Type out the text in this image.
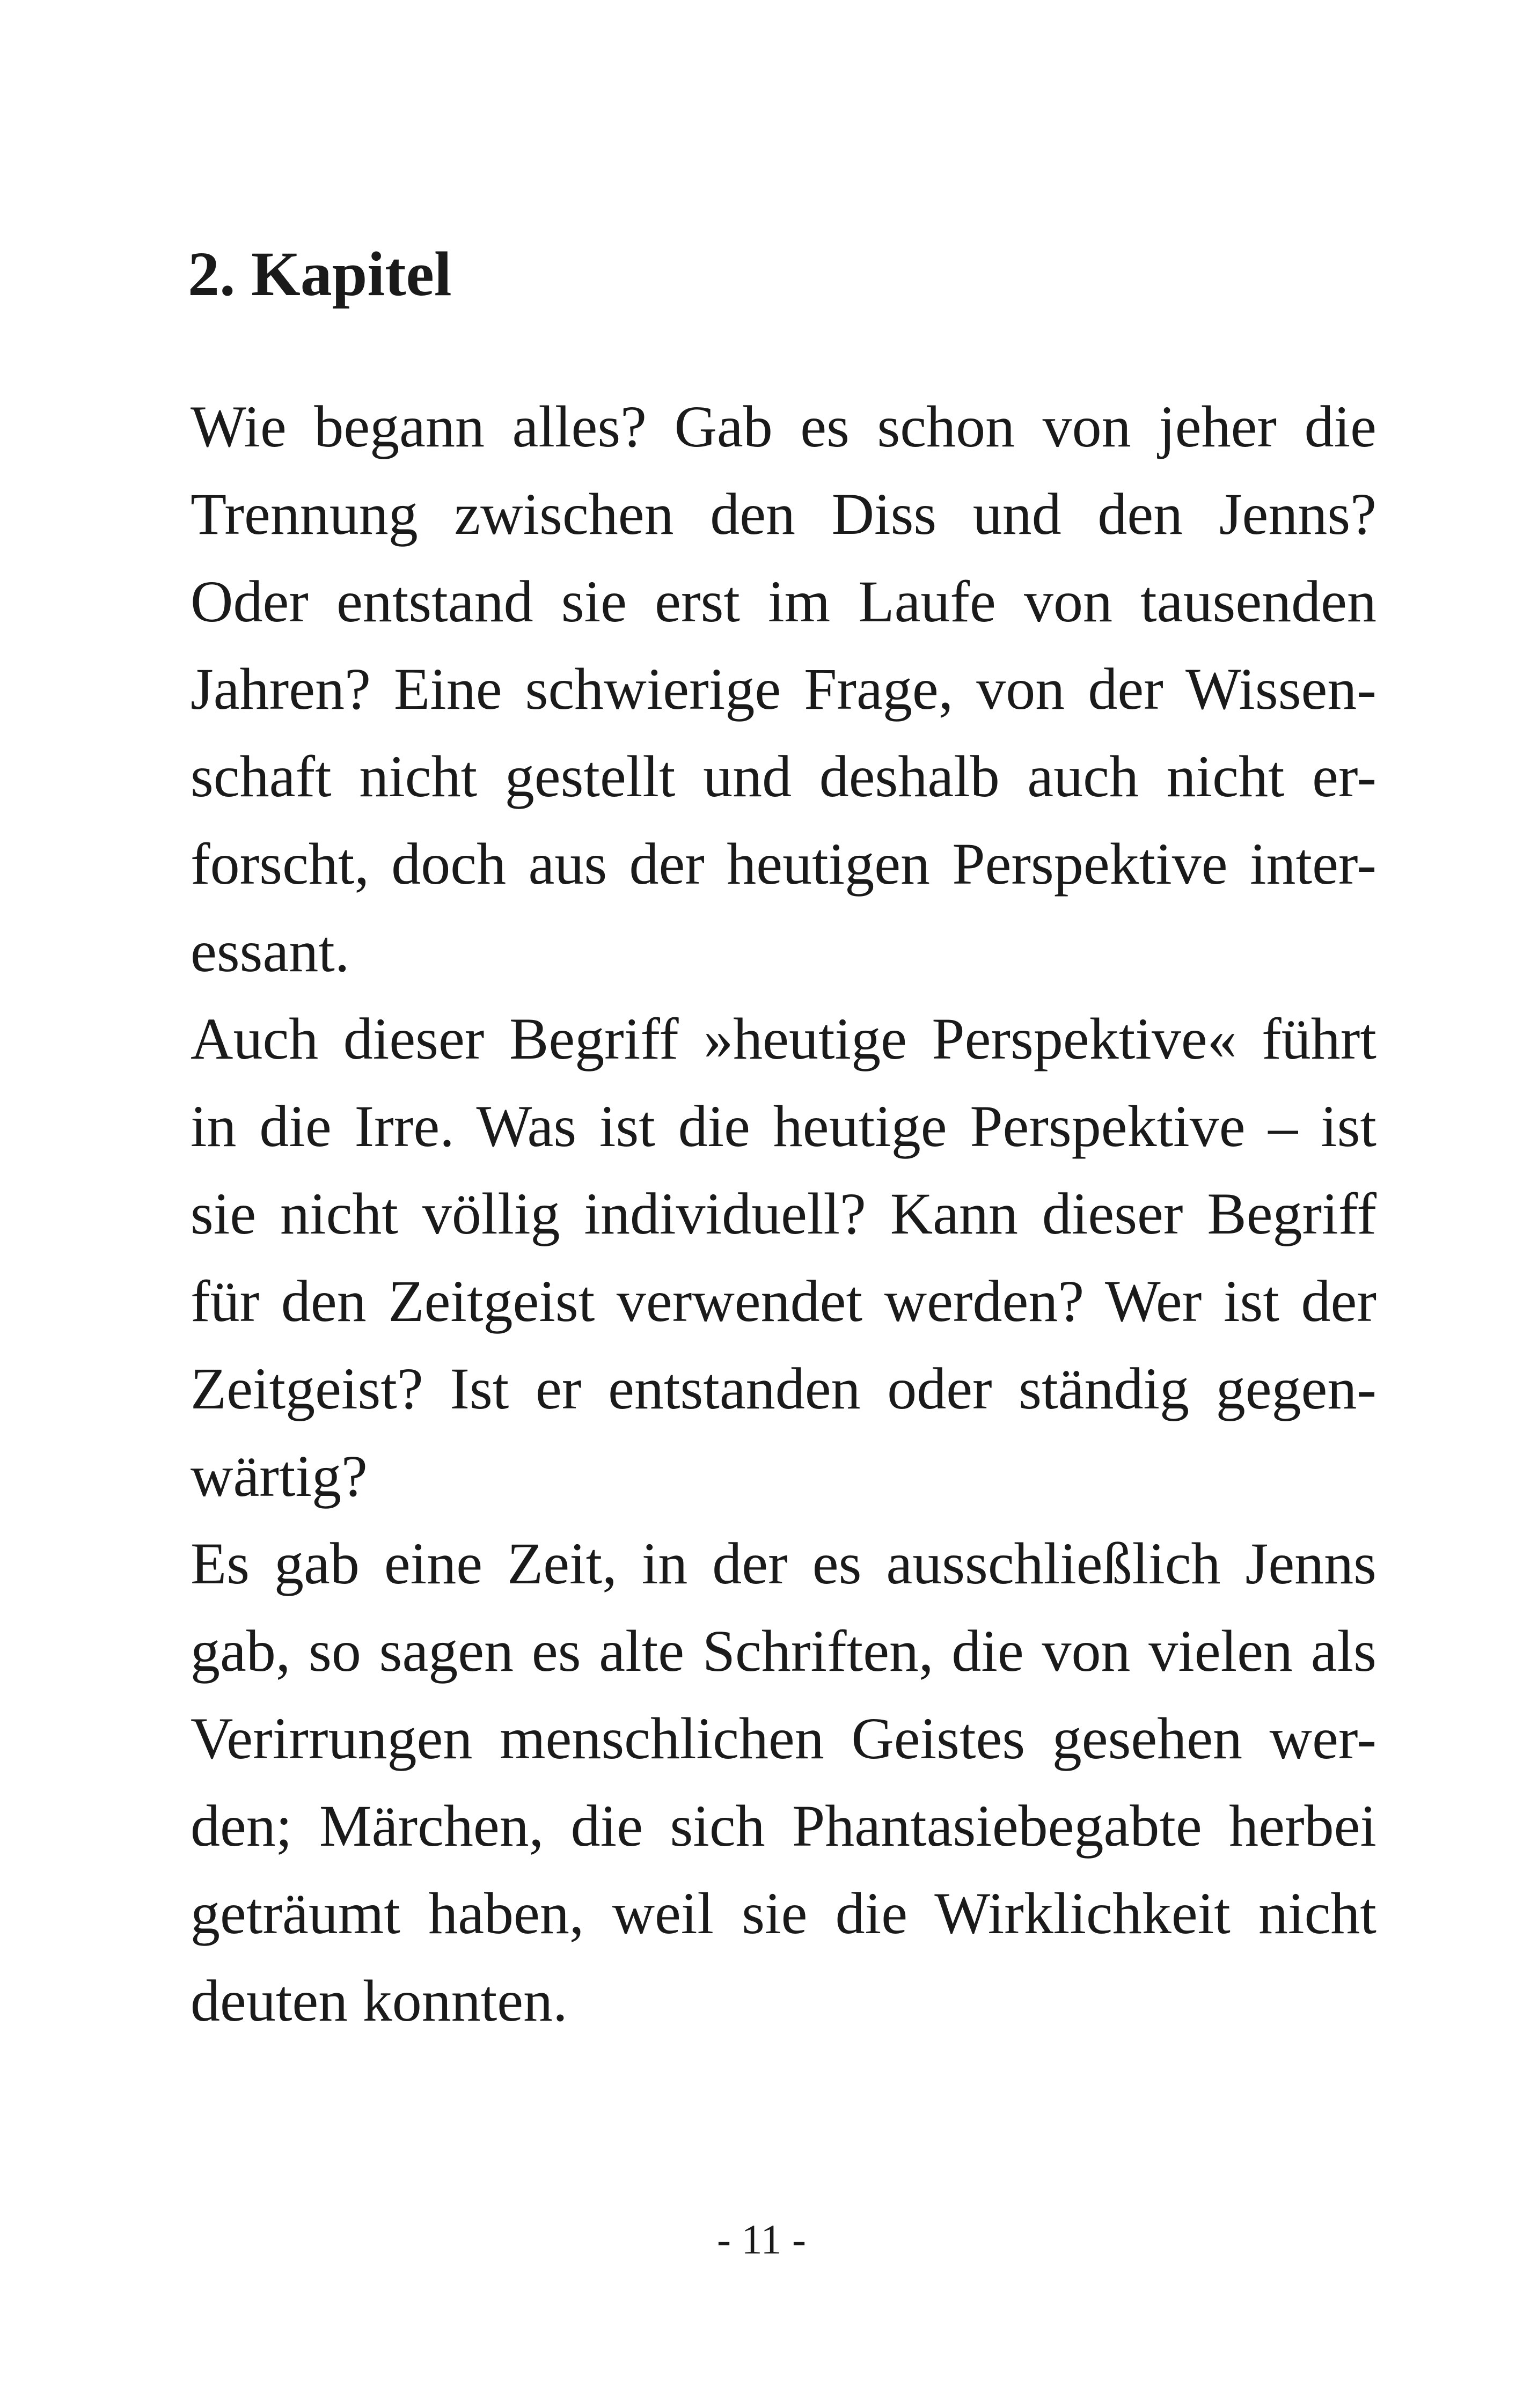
2. Kapitel

Wie begann alles? Gab es schon von jeher die

Trennung zwischen den Diss und den Jenns?

Oder entstand sie erst im Laufe von tausenden

Jahren? Eine schwierige Frage, von der Wissen-

schaft nicht gestellt und deshalb auch nicht er-

forscht, doch aus der heutigen Perspektive inter-

essant.

Auch dieser Begriff »heutige Perspektive« führt

in die Irre. Was ist die heutige Perspektive – ist

sie nicht völlig individuell? Kann dieser Begriff

für den Zeitgeist verwendet werden? Wer ist der

Zeitgeist? Ist er entstanden oder ständig gegen-

wärtig?

Es gab eine Zeit, in der es ausschließlich Jenns

gab, so sagen es alte Schriften, die von vielen als

Verirrungen menschlichen Geistes gesehen wer-

den; Märchen, die sich Phantasiebegabte herbei

geträumt haben, weil sie die Wirklichkeit nicht

deuten konnten.

- 11 -
